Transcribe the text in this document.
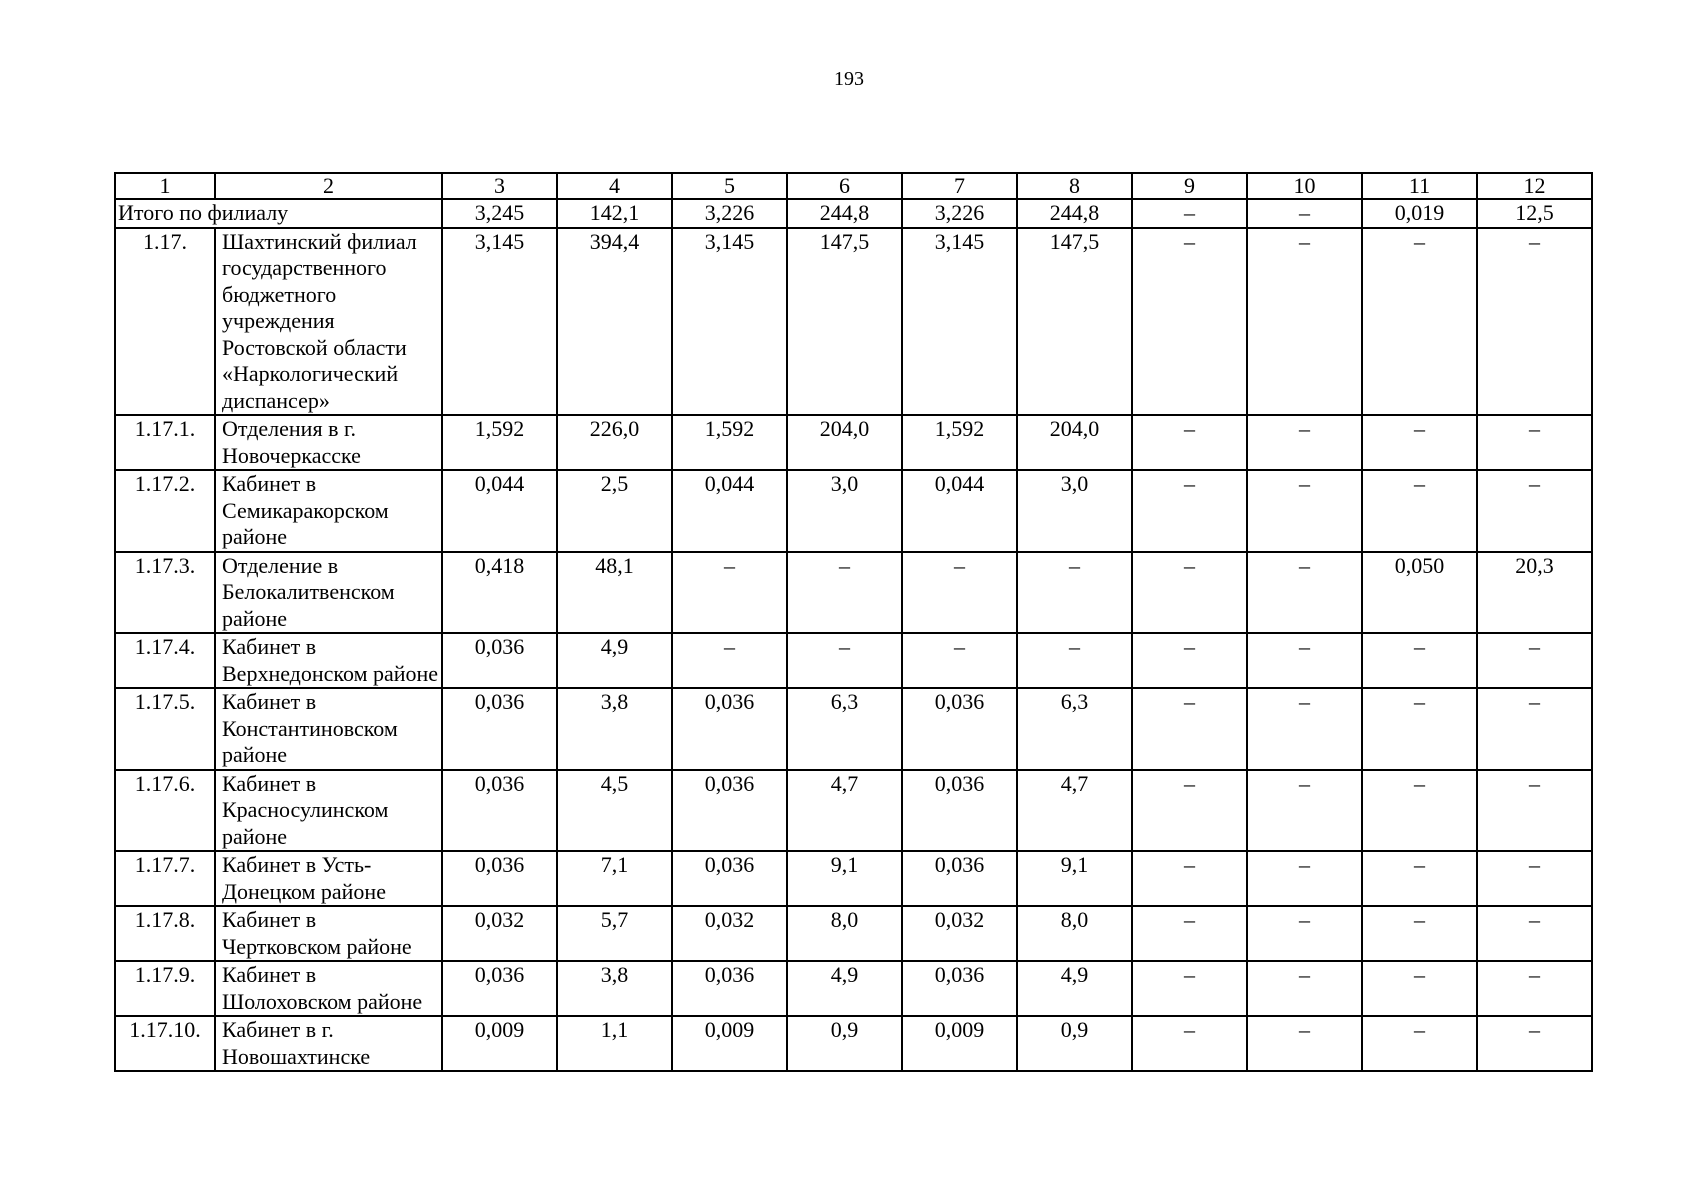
193
1	2	3	4	5	6	7	8	9	10	11	12
Итого по филиалу		3,245	142,1	3,226	244,8	3,226	244,8	–	–	0,019	12,5
1.17.	Шахтинский филиал государственного бюджетного учреждения Ростовской области «Наркологический диспансер»	3,145	394,4	3,145	147,5	3,145	147,5	–	–	–	–
1.17.1.	Отделения в г. Новочеркасске	1,592	226,0	1,592	204,0	1,592	204,0	–	–	–	–
1.17.2.	Кабинет в Семикаракорском районе	0,044	2,5	0,044	3,0	0,044	3,0	–	–	–	–
1.17.3.	Отделение в Белокалитвенском районе	0,418	48,1	–	–	–	–	–	–	0,050	20,3
1.17.4.	Кабинет в Верхнедонском районе	0,036	4,9	–	–	–	–	–	–	–	–
1.17.5.	Кабинет в Константиновском районе	0,036	3,8	0,036	6,3	0,036	6,3	–	–	–	–
1.17.6.	Кабинет в Красносулинском районе	0,036	4,5	0,036	4,7	0,036	4,7	–	–	–	–
1.17.7.	Кабинет в Усть-Донецком районе	0,036	7,1	0,036	9,1	0,036	9,1	–	–	–	–
1.17.8.	Кабинет в Чертковском районе	0,032	5,7	0,032	8,0	0,032	8,0	–	–	–	–
1.17.9.	Кабинет в Шолоховском районе	0,036	3,8	0,036	4,9	0,036	4,9	–	–	–	–
1.17.10.	Кабинет в г. Новошахтинске	0,009	1,1	0,009	0,9	0,009	0,9	–	–	–	–
